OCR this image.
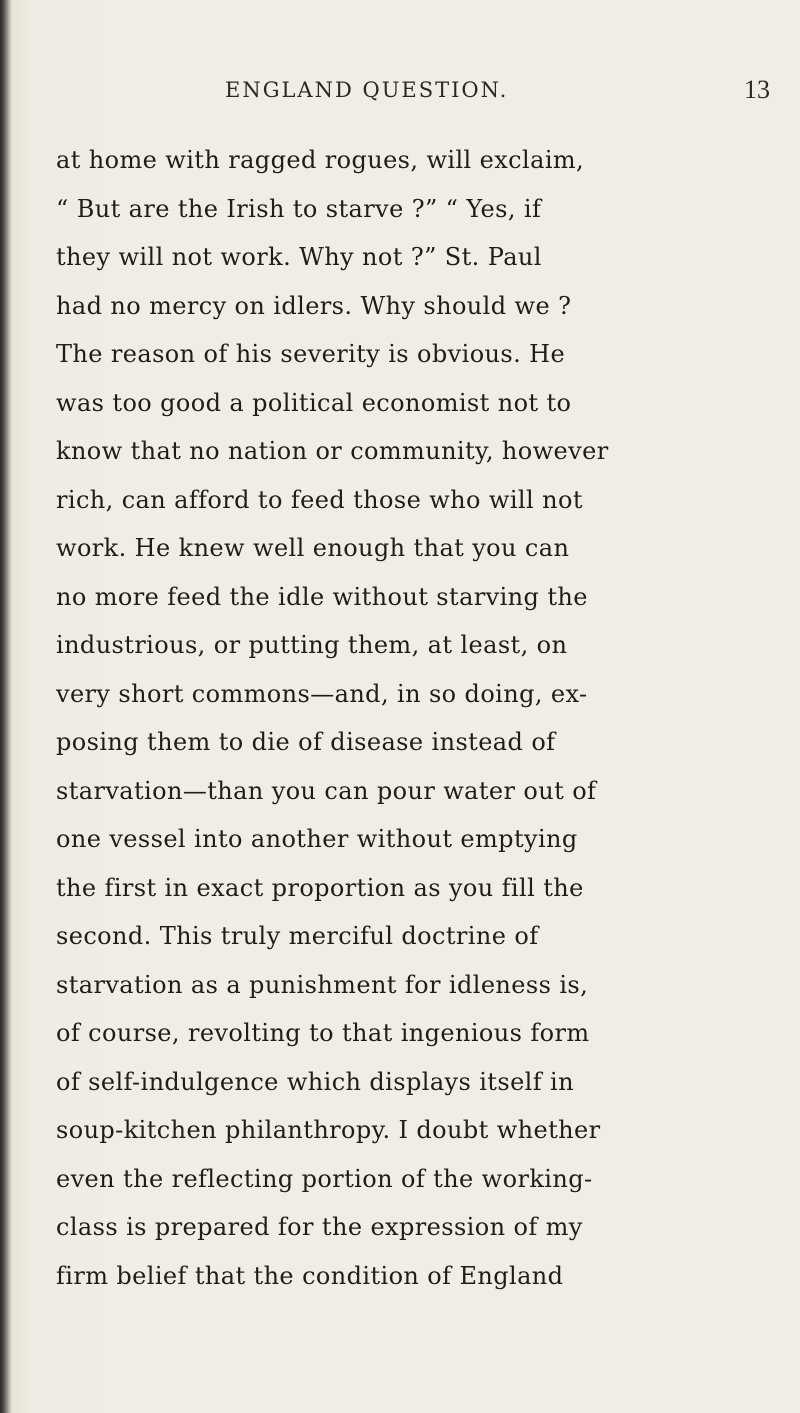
ENGLAND QUESTION.	13
at home with ragged rogues, will exclaim,
“ But are the Irish to starve ?” “ Yes, if
they will not work. Why not ?” St. Paul
had no mercy on idlers. Why should we ?
The reason of his severity is obvious. He
was too good a political economist not to
know that no nation or community, however
rich, can afford to feed those who will not
work. He knew well enough that you can
no more feed the idle without starving the
industrious, or putting them, at least, on
very short commons—and, in so doing, ex-
posing them to die of disease instead of
starvation—than you can pour water out of
one vessel into another without emptying
the first in exact proportion as you fill the
second. This truly merciful doctrine of
starvation as a punishment for idleness is,
of course, revolting to that ingenious form
of self-indulgence which displays itself in
soup-kitchen philanthropy. I doubt whether
even the reflecting portion of the working-
class is prepared for the expression of my
firm belief that the condition of England
